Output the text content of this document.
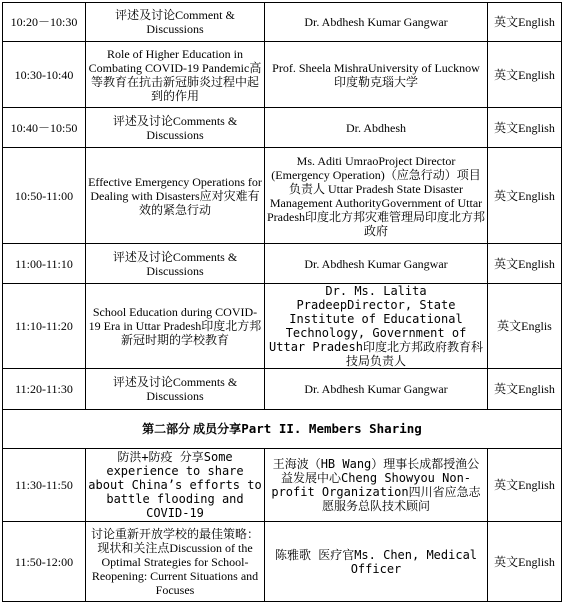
10:20－10:30	评述及讨论Comment & Discussions	Dr. Abdhesh Kumar Gangwar	英文English
10:30-10:40	Role of Higher Education in Combating COVID-19 Pandemic高等教育在抗击新冠肺炎过程中起到的作用	Prof. Sheela MishraUniversity of Lucknow 印度勒克瑙大学	英文English
10:40－10:50	评述及讨论Comments & Discussions	Dr. Abdhesh	英文English
10:50-11:00	Effective Emergency Operations for Dealing with Disasters应对灾难有效的紧急行动	Ms. Aditi UmraoProject Director (Emergency Operation)（应急行动）项目负责人 Uttar Pradesh State Disaster Management AuthorityGovernment of Uttar Pradesh印度北方邦灾难管理局印度北方邦政府	英文English
11:00-11:10	评述及讨论Comments & Discussions	Dr. Abdhesh Kumar Gangwar	英文English
11:10-11:20	School Education during COVID-19 Era in Uttar Pradesh印度北方邦新冠时期的学校教育	Dr. Ms. Lalita PradeepDirector, State Institute of Educational Technology, Government of Uttar Pradesh印度北方邦政府教育科技局负责人	英文Englis
11:20-11:30	评述及讨论Comments & Discussions	Dr. Abdhesh Kumar Gangwar	英文English
第二部分 成员分享Part II. Members Sharing			
11:30-11:50	防洪+防疫 分享Some experience to share about China’s efforts to battle flooding and COVID-19	王海波（HB Wang）理事长成都授渔公益发展中心Cheng Showyou Non-profit Organization四川省应急志愿服务总队技术顾问	英文English
11:50-12:00	讨论重新开放学校的最佳策略：现状和关注点Discussion of the Optimal Strategies for School-Reopening: Current Situations and Focuses	陈雅歌 医疗官Ms. Chen, Medical Officer	英文English
